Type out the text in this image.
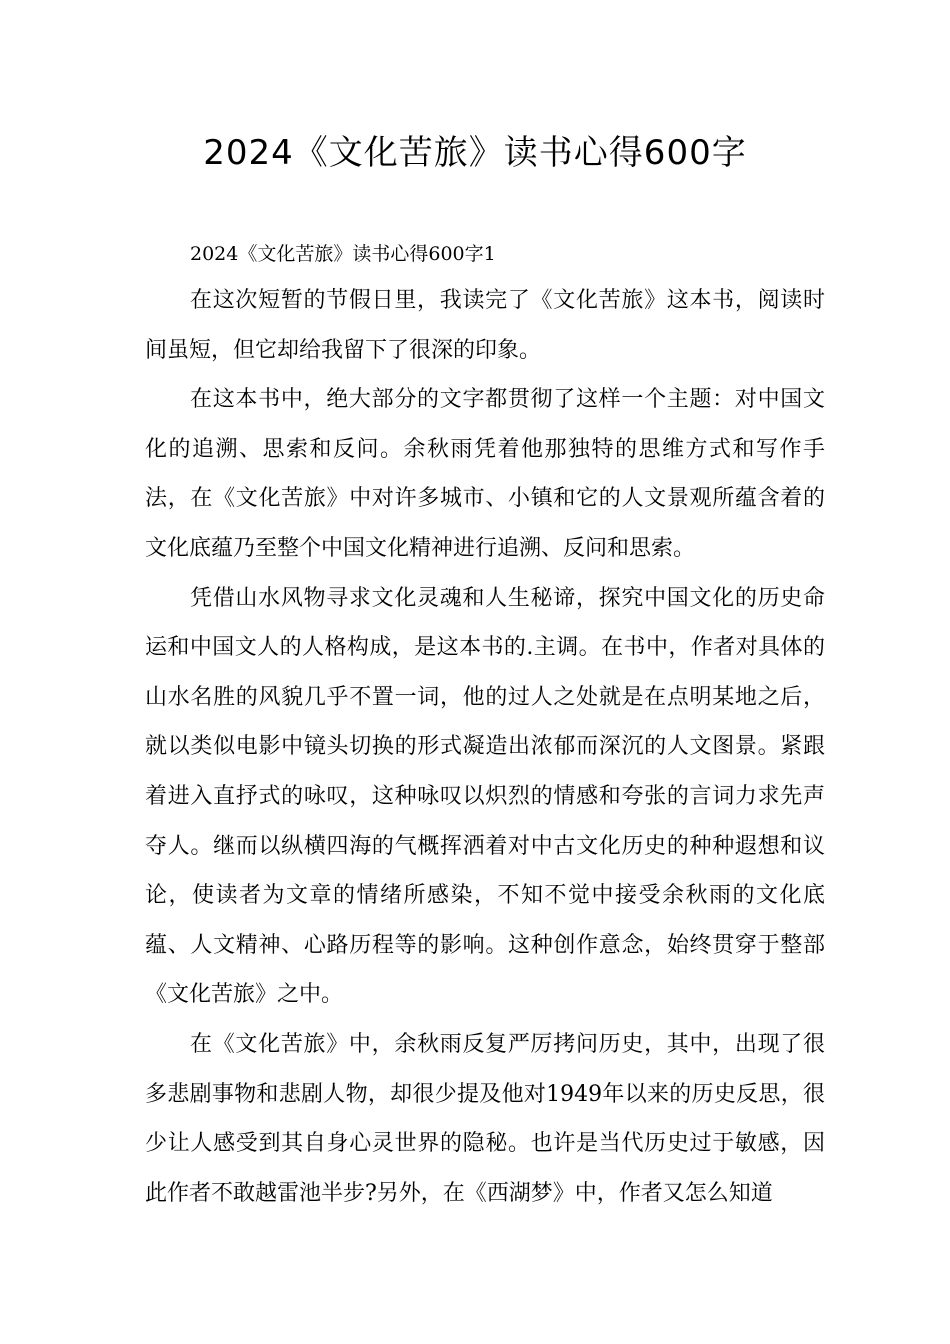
2024《文化苦旅》读书心得600字

2024《文化苦旅》读书心得600字1

在这次短暂的节假日里，我读完了《文化苦旅》这本书，阅读时间虽短，但它却给我留下了很深的印象。

在这本书中，绝大部分的文字都贯彻了这样一个主题：对中国文化的追溯、思索和反问。余秋雨凭着他那独特的思维方式和写作手法，在《文化苦旅》中对许多城市、小镇和它的人文景观所蕴含着的文化底蕴乃至整个中国文化精神进行追溯、反问和思索。

凭借山水风物寻求文化灵魂和人生秘谛，探究中国文化的历史命运和中国文人的人格构成，是这本书的.主调。在书中，作者对具体的山水名胜的风貌几乎不置一词，他的过人之处就是在点明某地之后，就以类似电影中镜头切换的形式凝造出浓郁而深沉的人文图景。紧跟着进入直抒式的咏叹，这种咏叹以炽烈的情感和夸张的言词力求先声夺人。继而以纵横四海的气概挥洒着对中古文化历史的种种遐想和议论，使读者为文章的情绪所感染，不知不觉中接受余秋雨的文化底蕴、人文精神、心路历程等的影响。这种创作意念，始终贯穿于整部《文化苦旅》之中。

在《文化苦旅》中，余秋雨反复严厉拷问历史，其中，出现了很多悲剧事物和悲剧人物，却很少提及他对1949年以来的历史反思，很少让人感受到其自身心灵世界的隐秘。也许是当代历史过于敏感，因此作者不敢越雷池半步?另外，在《西湖梦》中，作者又怎么知道
